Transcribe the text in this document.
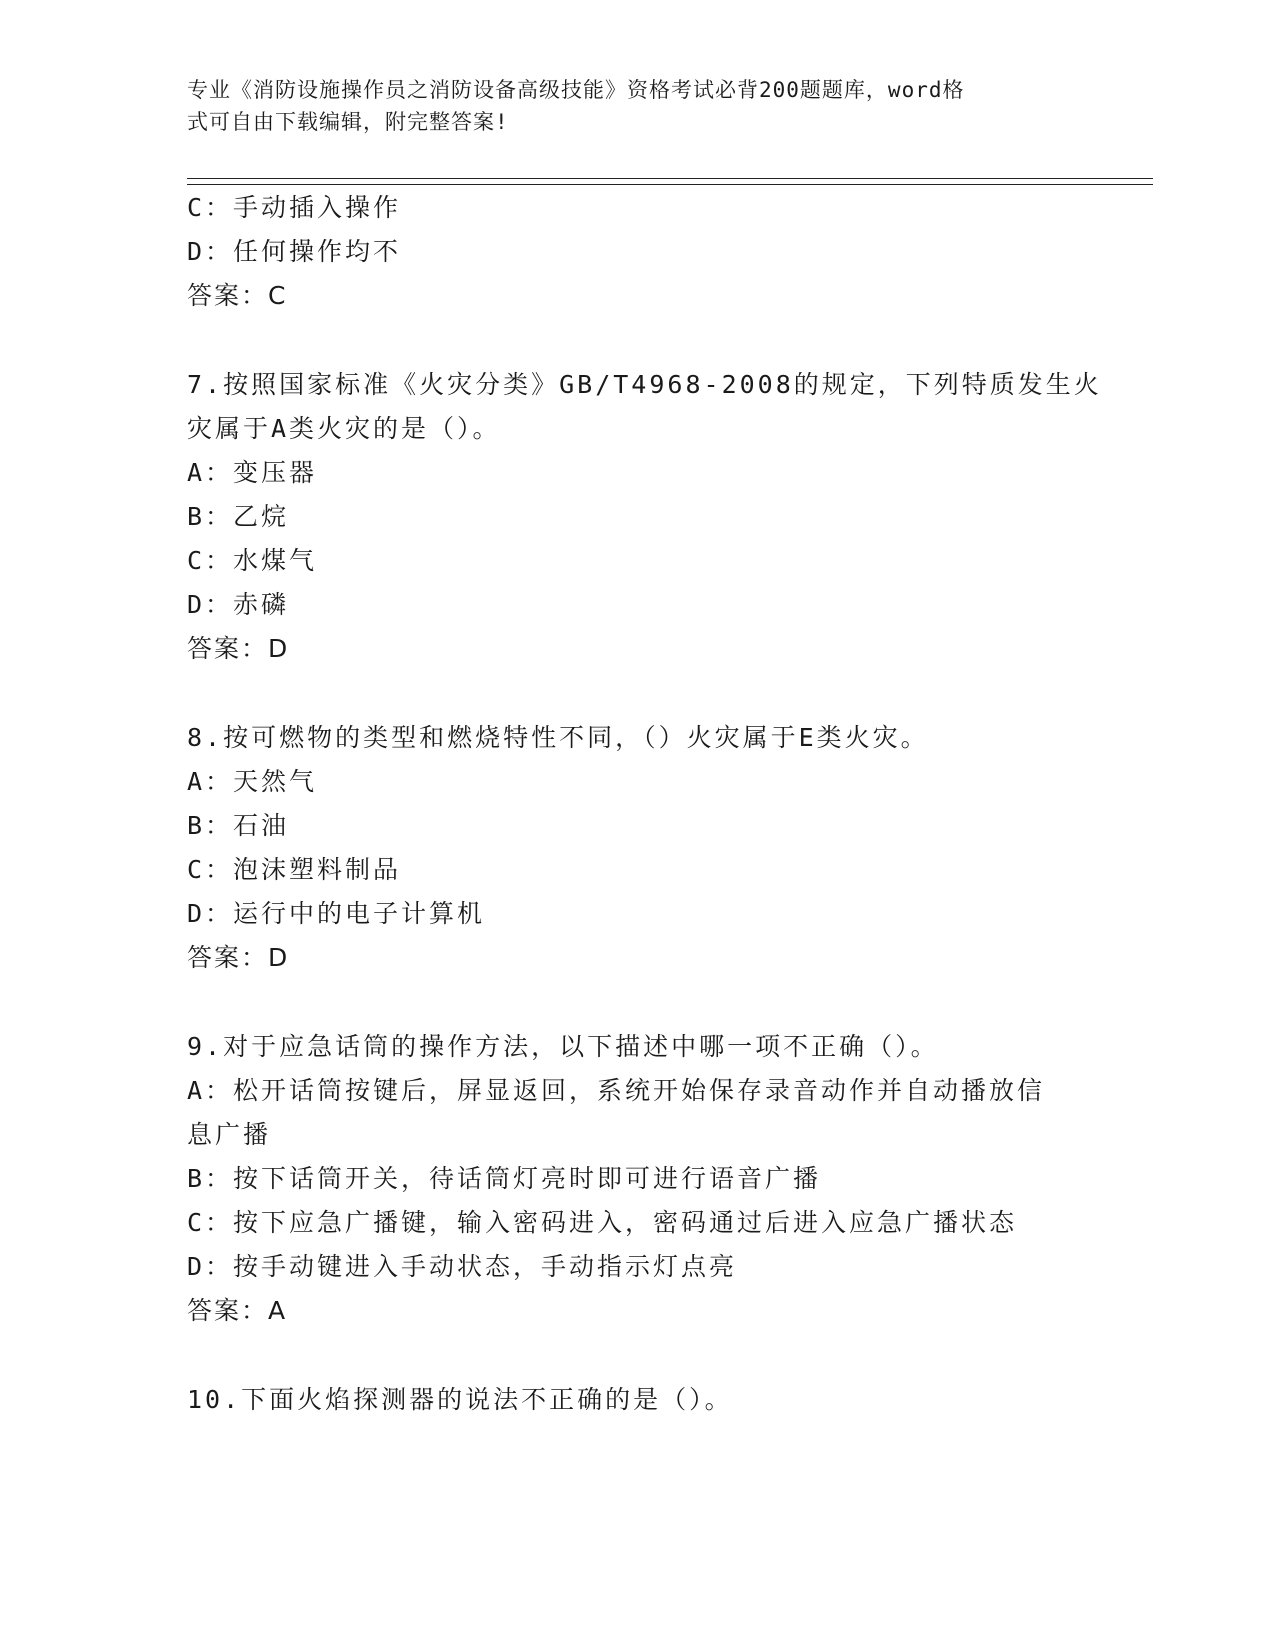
专业《消防设施操作员之消防设备高级技能》资格考试必背200题题库，word格
式可自由下载编辑，附完整答案!
C：手动插入操作
D：任何操作均不
答案：C
7.按照国家标准《火灾分类》GB/T4968-2008的规定，下列特质发生火
灾属于A类火灾的是（）。
A：变压器
B：乙烷
C：水煤气
D：赤磷
答案：D
8.按可燃物的类型和燃烧特性不同，（）火灾属于E类火灾。
A：天然气
B：石油
C：泡沫塑料制品
D：运行中的电子计算机
答案：D
9.对于应急话筒的操作方法，以下描述中哪一项不正确（）。
A：松开话筒按键后，屏显返回，系统开始保存录音动作并自动播放信
息广播
B：按下话筒开关，待话筒灯亮时即可进行语音广播
C：按下应急广播键，输入密码进入，密码通过后进入应急广播状态
D：按手动键进入手动状态，手动指示灯点亮
答案：A
10.下面火焰探测器的说法不正确的是（）。
